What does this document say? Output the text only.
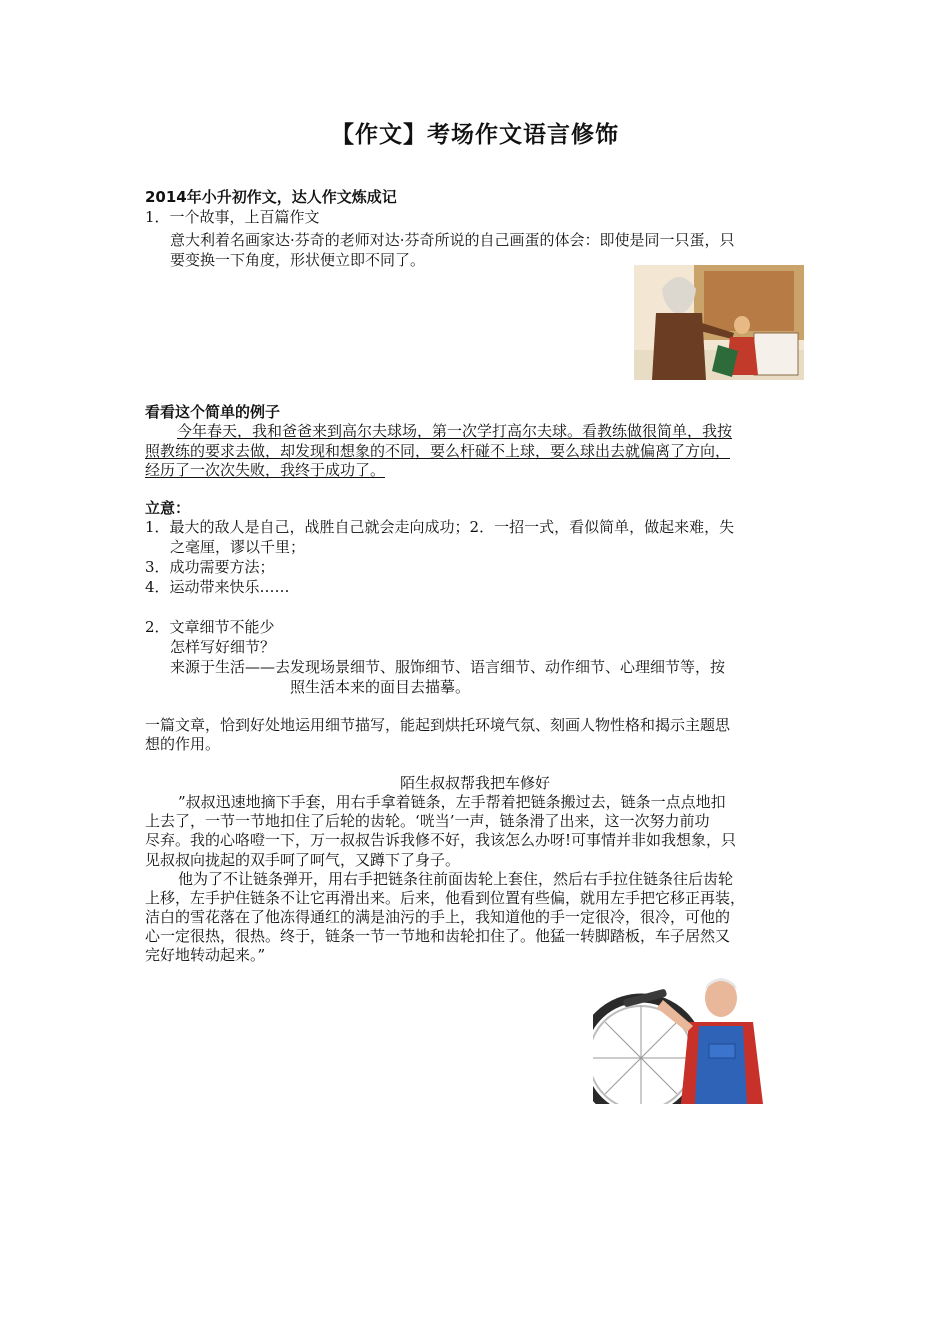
【作文】考场作文语言修饰
2014年小升初作文，达人作文炼成记
1．一个故事，上百篇作文
意大利着名画家达·芬奇的老师对达·芬奇所说的自己画蛋的体会：即使是同一只蛋，只
要变换一下角度，形状便立即不同了。
看看这个简单的例子
今年春天，我和爸爸来到高尔夫球场，第一次学打高尔夫球。看教练做很简单，我按
照教练的要求去做，却发现和想象的不同，要么杆碰不上球，要么球出去就偏离了方向，
经历了一次次失败，我终于成功了。
立意：
1．最大的敌人是自己，战胜自己就会走向成功；2．一招一式，看似简单，做起来难，失
之毫厘，谬以千里；
3．成功需要方法；
4．运动带来快乐……
2．文章细节不能少
怎样写好细节？
来源于生活——去发现场景细节、服饰细节、语言细节、动作细节、心理细节等，按
照生活本来的面目去描摹。
一篇文章，恰到好处地运用细节描写，能起到烘托环境气氛、刻画人物性格和揭示主题思
想的作用。
陌生叔叔帮我把车修好
”叔叔迅速地摘下手套，用右手拿着链条，左手帮着把链条搬过去，链条一点点地扣
上去了，一节一节地扣住了后轮的齿轮。‘咣当’一声，链条滑了出来，这一次努力前功
尽弃。我的心咯噔一下，万一叔叔告诉我修不好，我该怎么办呀!可事情并非如我想象，只
见叔叔向拢起的双手呵了呵气，又蹲下了身子。
他为了不让链条弹开，用右手把链条往前面齿轮上套住，然后右手拉住链条往后齿轮
上移，左手护住链条不让它再滑出来。后来，他看到位置有些偏，就用左手把它移正再装，
洁白的雪花落在了他冻得通红的满是油污的手上，我知道他的手一定很冷，很冷，可他的
心一定很热，很热。终于，链条一节一节地和齿轮扣住了。他猛一转脚踏板，车子居然又
完好地转动起来。”
